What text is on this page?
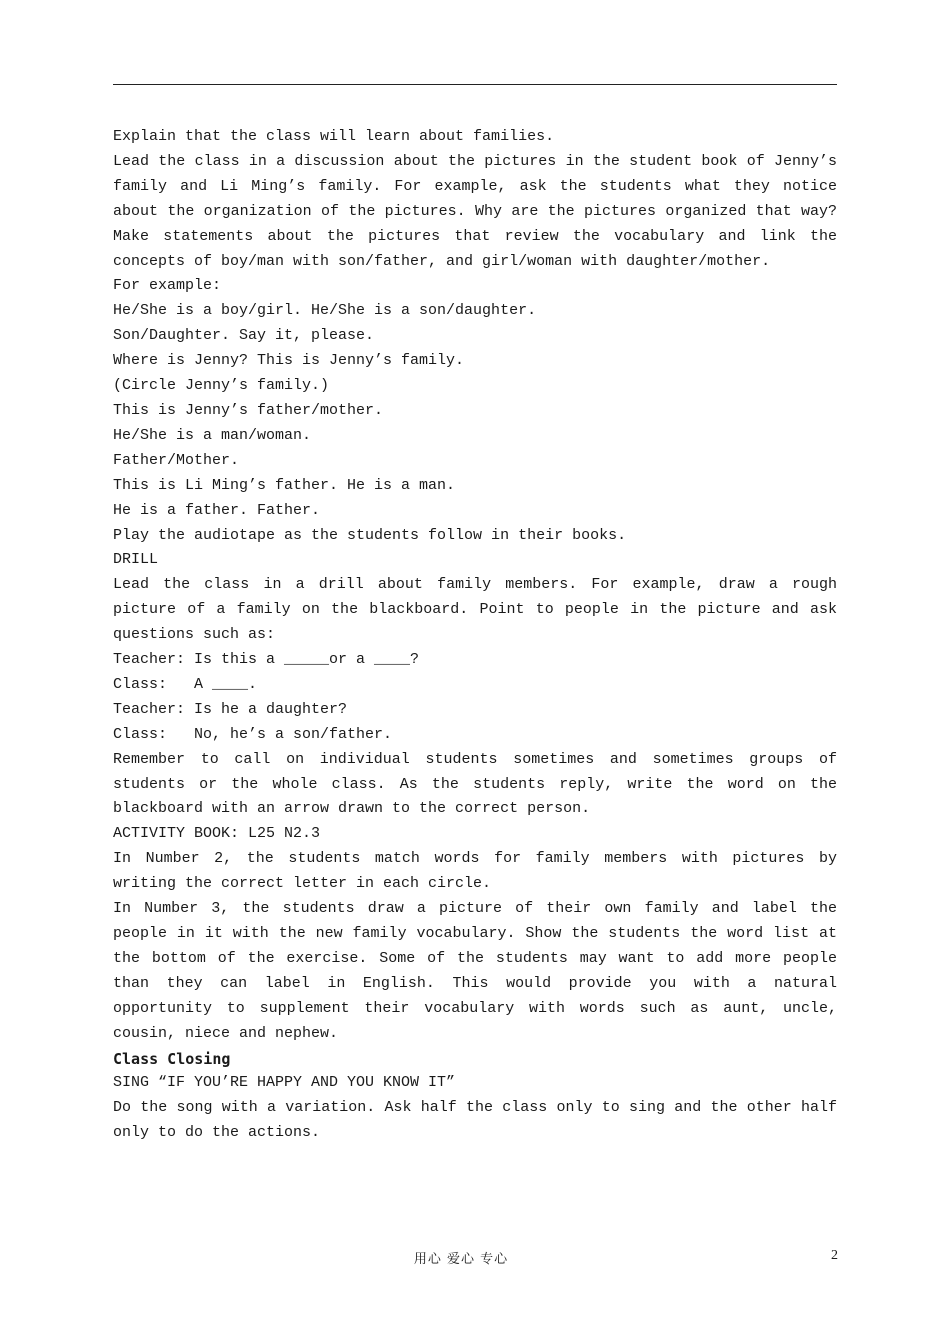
Explain that the class will learn about families.

Lead the class in a discussion about the pictures in the student book of Jenny’s family and Li Ming’s family. For example, ask the students what they notice about the organization of the pictures. Why are the pictures organized that way? Make statements about the pictures that review the vocabulary and link the concepts of boy/man with son/father, and girl/woman with daughter/mother.

For example:

He/She is a boy/girl. He/She is a son/daughter.

Son/Daughter. Say it, please.

Where is Jenny? This is Jenny’s family.

(Circle Jenny’s family.)

This is Jenny’s father/mother.

He/She is a man/woman.

Father/Mother.

This is Li Ming’s father. He is a man.

He is a father. Father.

Play the audiotape as the students follow in their books.

DRILL

Lead the class in a drill about family members. For example, draw a rough picture of a family on the blackboard. Point to people in the picture and ask questions such as:

Teacher: Is this a _____or a ____?

Class:   A ____.

Teacher: Is he a daughter?

Class:   No, he’s a son/father.

Remember to call on individual students sometimes and sometimes groups of students or the whole class. As the students reply, write the word on the blackboard with an arrow drawn to the correct person.

ACTIVITY BOOK: L25 N2.3

In Number 2, the students match words for family members with pictures by writing the correct letter in each circle.

In Number 3, the students draw a picture of their own family and label the people in it with the new family vocabulary. Show the students the word list at the bottom of the exercise. Some of the students may want to add more people than they can label in English. This would provide you with a natural opportunity to supplement their vocabulary with words such as aunt, uncle, cousin, niece and nephew.

Class Closing

SING “IF YOU’RE HAPPY AND YOU KNOW IT”

Do the song with a variation. Ask half the class only to sing and the other half only to do the actions.

用心 爱心 专心	2
